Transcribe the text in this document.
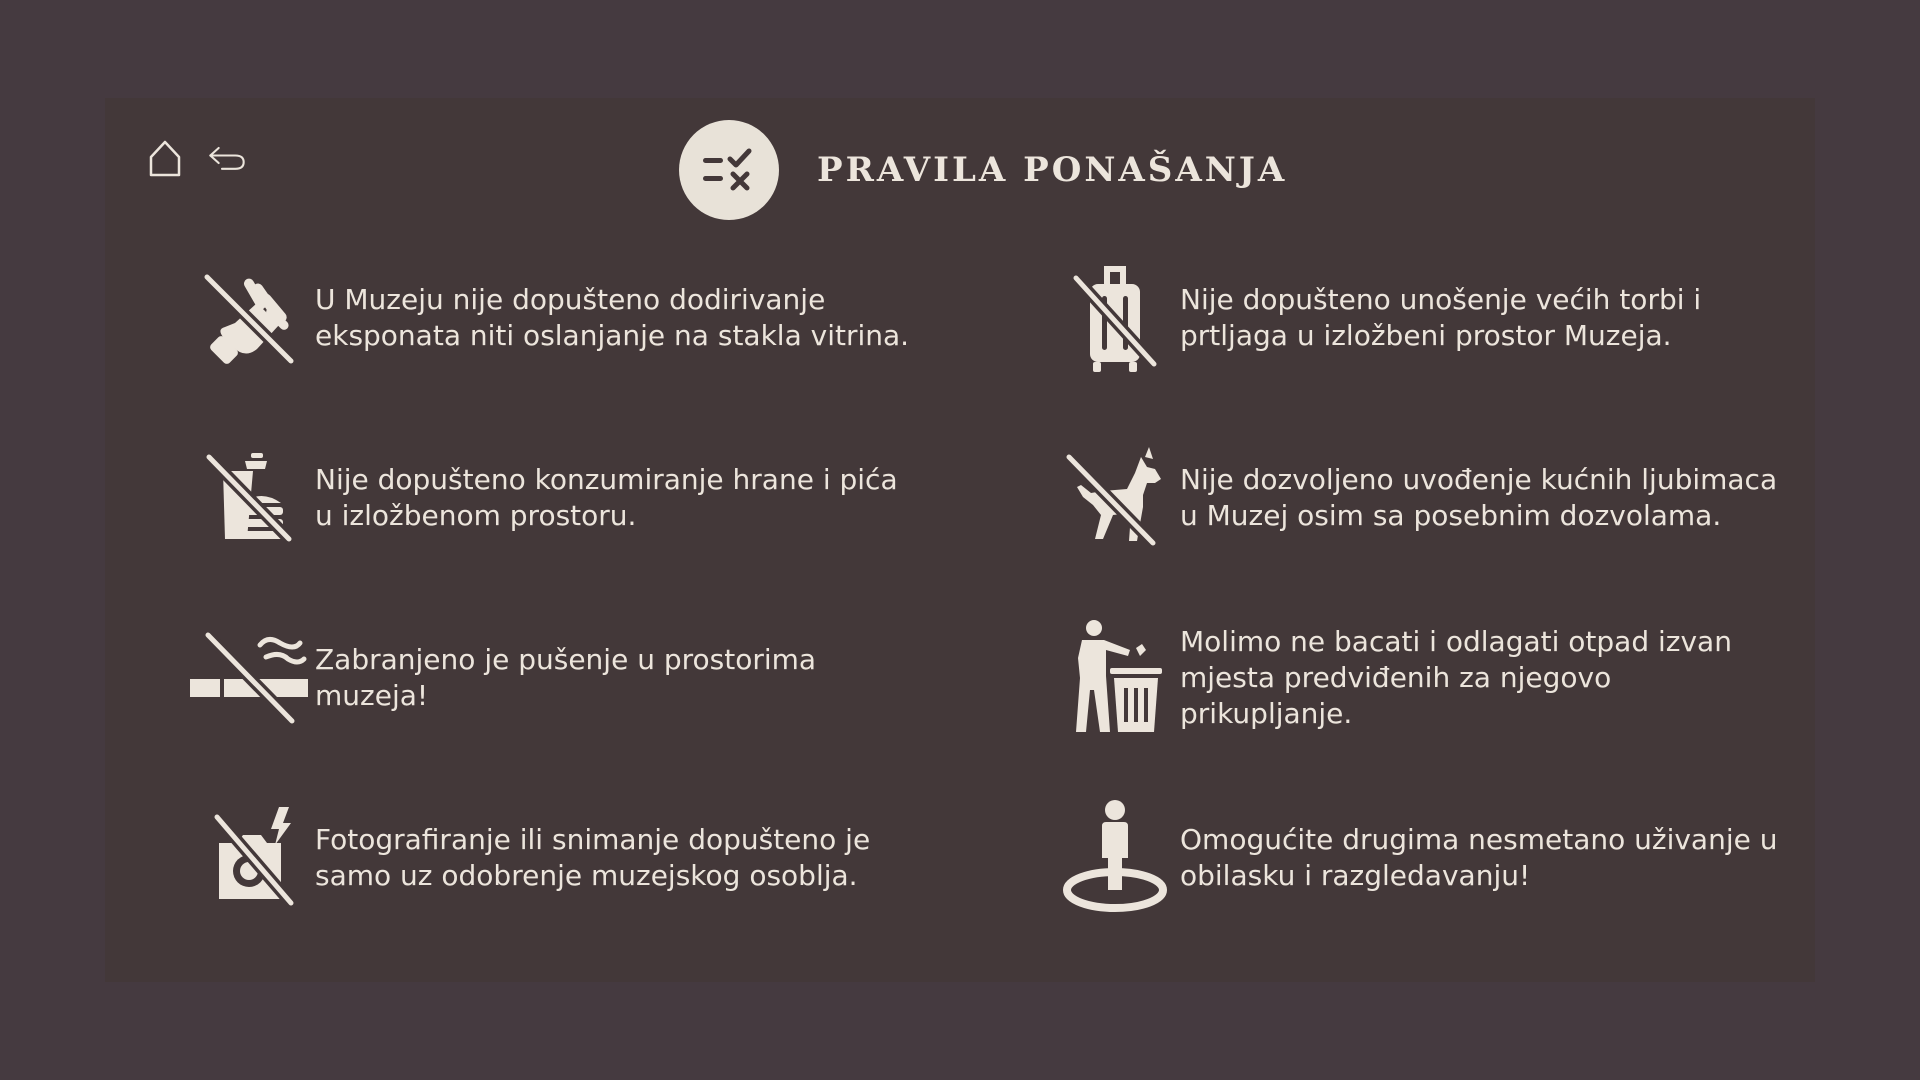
PRAVILA PONAŠANJA
U Muzeju nije dopušteno dodirivanje eksponata niti oslanjanje na stakla vitrina.
Nije dopušteno unošenje većih torbi i prtljaga u izložbeni prostor Muzeja.
Nije dopušteno konzumiranje hrane i pića u izložbenom prostoru.
Nije dozvoljeno uvođenje kućnih ljubimaca u Muzej osim sa posebnim dozvolama.
Zabranjeno je pušenje u prostorima muzeja!
Molimo ne bacati i odlagati otpad izvan mjesta predviđenih za njegovo prikupljanje.
Fotografiranje ili snimanje dopušteno je samo uz odobrenje muzejskog osoblja.
Omogućite drugima nesmetano uživanje u obilasku i razgledavanju!
